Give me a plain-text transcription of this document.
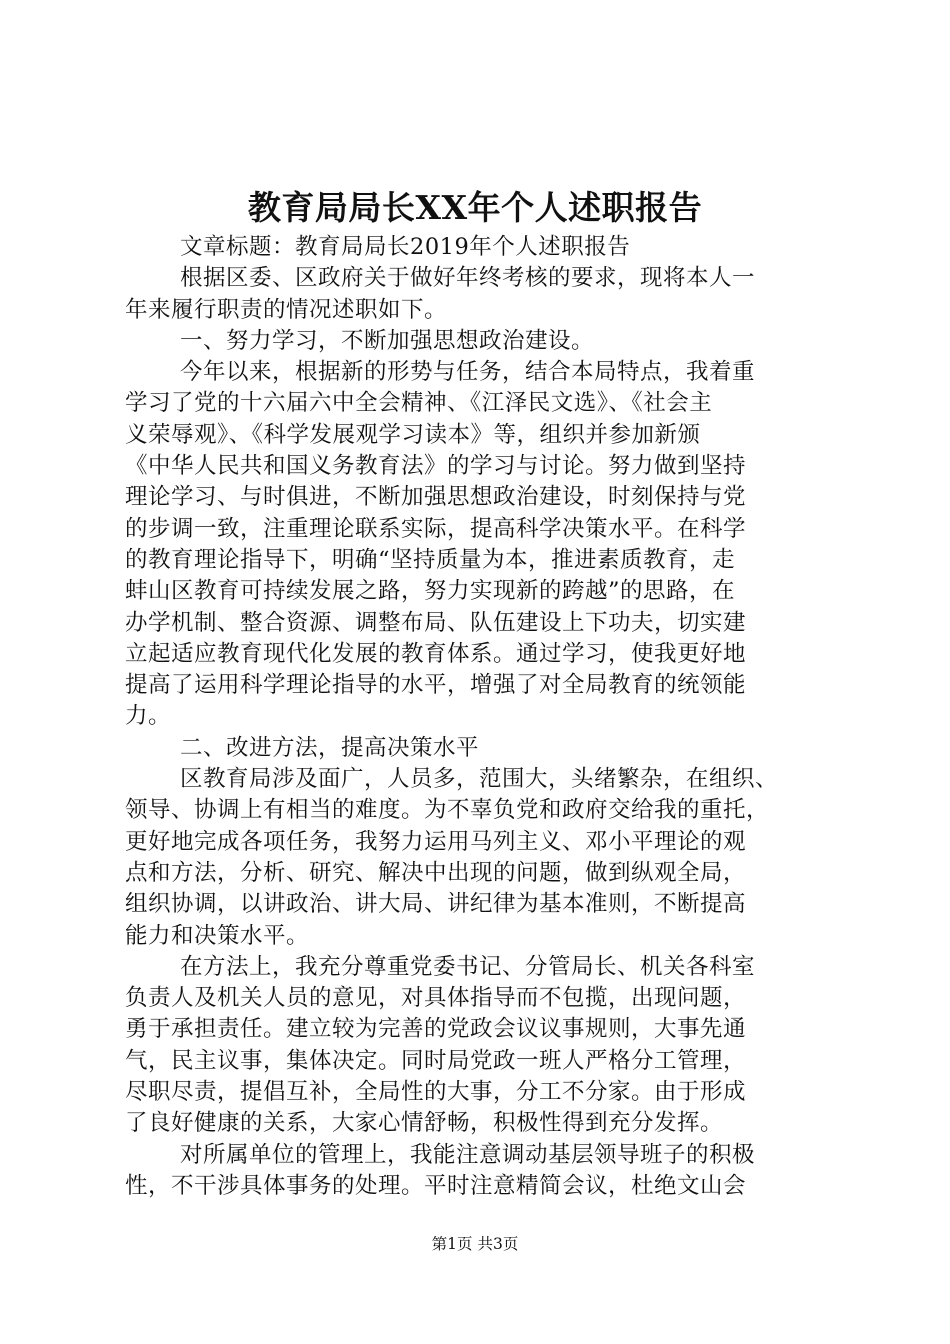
教育局局长XX年个人述职报告
文章标题：教育局局长2019年个人述职报告
根据区委、区政府关于做好年终考核的要求，现将本人一
年来履行职责的情况述职如下。
一、努力学习，不断加强思想政治建设。
今年以来，根据新的形势与任务，结合本局特点，我着重
学习了党的十六届六中全会精神、《江泽民文选》、《社会主
义荣辱观》、《科学发展观学习读本》等，组织并参加新颁
《中华人民共和国义务教育法》的学习与讨论。努力做到坚持
理论学习、与时俱进，不断加强思想政治建设，时刻保持与党
的步调一致，注重理论联系实际，提高科学决策水平。在科学
的教育理论指导下，明确“坚持质量为本，推进素质教育，走
蚌山区教育可持续发展之路，努力实现新的跨越”的思路，在
办学机制、整合资源、调整布局、队伍建设上下功夫，切实建
立起适应教育现代化发展的教育体系。通过学习，使我更好地
提高了运用科学理论指导的水平，增强了对全局教育的统领能
力。
二、改进方法，提高决策水平
区教育局涉及面广，人员多，范围大，头绪繁杂，在组织、
领导、协调上有相当的难度。为不辜负党和政府交给我的重托，
更好地完成各项任务，我努力运用马列主义、邓小平理论的观
点和方法，分析、研究、解决中出现的问题，做到纵观全局，
组织协调，以讲政治、讲大局、讲纪律为基本准则，不断提高
能力和决策水平。
在方法上，我充分尊重党委书记、分管局长、机关各科室
负责人及机关人员的意见，对具体指导而不包揽，出现问题，
勇于承担责任。建立较为完善的党政会议议事规则，大事先通
气，民主议事，集体决定。同时局党政一班人严格分工管理，
尽职尽责，提倡互补，全局性的大事，分工不分家。由于形成
了良好健康的关系，大家心情舒畅，积极性得到充分发挥。
对所属单位的管理上，我能注意调动基层领导班子的积极
性，不干涉具体事务的处理。平时注意精简会议，杜绝文山会
第1页 共3页
